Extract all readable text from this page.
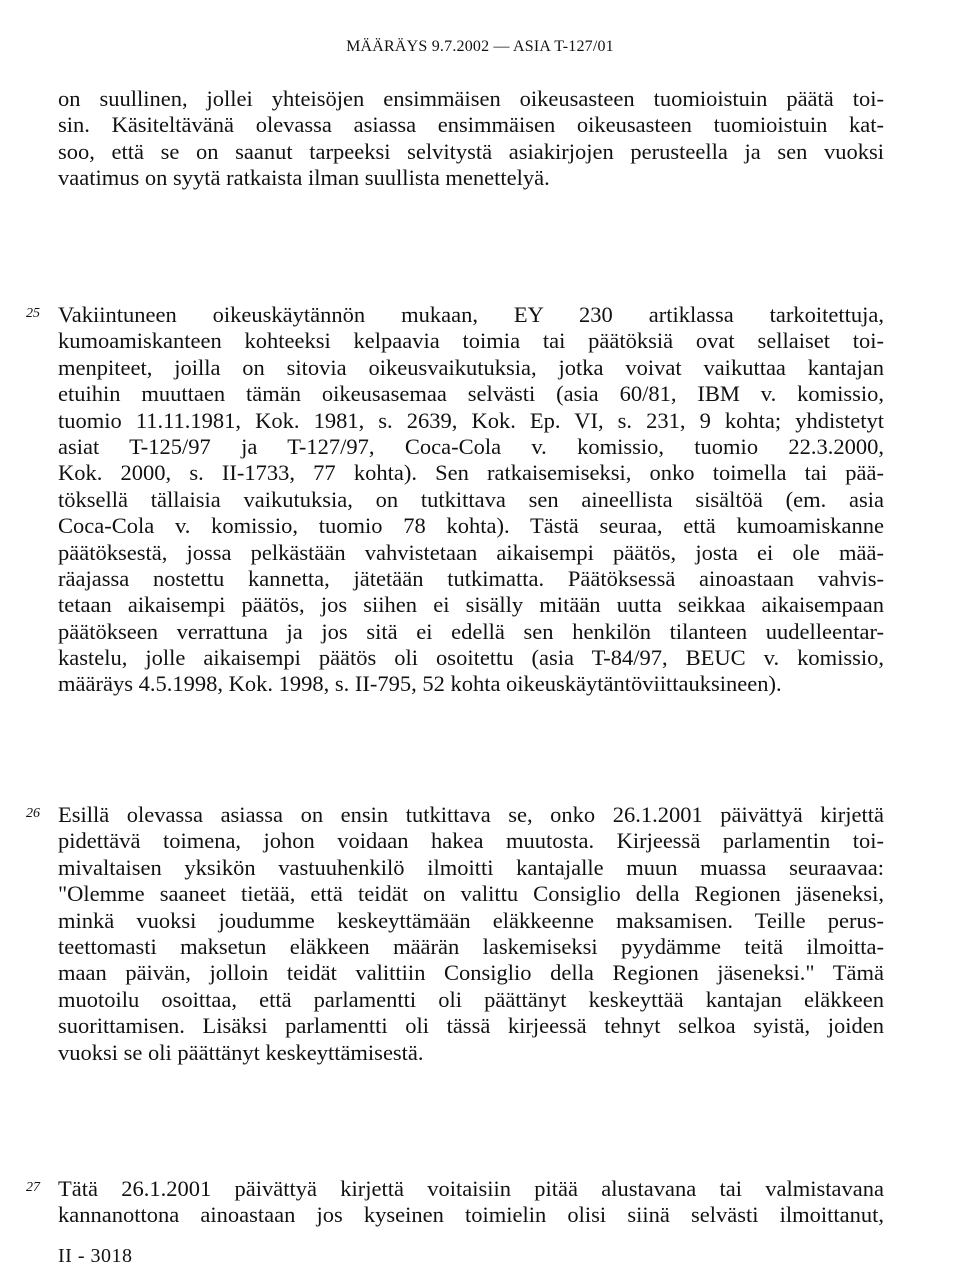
MÄÄRÄYS 9.7.2002 — ASIA T-127/01
on suullinen, jollei yhteisöjen ensimmäisen oikeusasteen tuomioistuin päätä toi-
sin. Käsiteltävänä olevassa asiassa ensimmäisen oikeusasteen tuomioistuin kat-
soo, että se on saanut tarpeeksi selvitystä asiakirjojen perusteella ja sen vuoksi
vaatimus on syytä ratkaista ilman suullista menettelyä.
25 Vakiintuneen oikeuskäytännön mukaan, EY 230 artiklassa tarkoitettuja,
kumoamiskanteen kohteeksi kelpaavia toimia tai päätöksiä ovat sellaiset toi-
menpiteet, joilla on sitovia oikeusvaikutuksia, jotka voivat vaikuttaa kantajan
etuihin muuttaen tämän oikeusasemaa selvästi (asia 60/81, IBM v. komissio,
tuomio 11.11.1981, Kok. 1981, s. 2639, Kok. Ep. VI, s. 231, 9 kohta; yhdistetyt
asiat T-125/97 ja T-127/97, Coca-Cola v. komissio, tuomio 22.3.2000,
Kok. 2000, s. II-1733, 77 kohta). Sen ratkaisemiseksi, onko toimella tai pää-
töksellä tällaisia vaikutuksia, on tutkittava sen aineellista sisältöä (em. asia
Coca-Cola v. komissio, tuomio 78 kohta). Tästä seuraa, että kumoamiskanne
päätöksestä, jossa pelkästään vahvistetaan aikaisempi päätös, josta ei ole mää-
räajassa nostettu kannetta, jätetään tutkimatta. Päätöksessä ainoastaan vahvis-
tetaan aikaisempi päätös, jos siihen ei sisälly mitään uutta seikkaa aikaisempaan
päätökseen verrattuna ja jos sitä ei edellä sen henkilön tilanteen uudelleentar-
kastelu, jolle aikaisempi päätös oli osoitettu (asia T-84/97, BEUC v. komissio,
määräys 4.5.1998, Kok. 1998, s. II-795, 52 kohta oikeuskäytäntöviittauksineen).
26 Esillä olevassa asiassa on ensin tutkittava se, onko 26.1.2001 päivättyä kirjettä
pidettävä toimena, johon voidaan hakea muutosta. Kirjeessä parlamentin toi-
mivaltaisen yksikön vastuuhenkilö ilmoitti kantajalle muun muassa seuraavaa:
"Olemme saaneet tietää, että teidät on valittu Consiglio della Regionen jäseneksi,
minkä vuoksi joudumme keskeyttämään eläkkeenne maksamisen. Teille perus-
teettomasti maksetun eläkkeen määrän laskemiseksi pyydämme teitä ilmoitta-
maan päivän, jolloin teidät valittiin Consiglio della Regionen jäseneksi." Tämä
muotoilu osoittaa, että parlamentti oli päättänyt keskeyttää kantajan eläkkeen
suorittamisen. Lisäksi parlamentti oli tässä kirjeessä tehnyt selkoa syistä, joiden
vuoksi se oli päättänyt keskeyttämisestä.
27 Tätä 26.1.2001 päivättyä kirjettä voitaisiin pitää alustavana tai valmistavana
kannanottona ainoastaan jos kyseinen toimielin olisi siinä selvästi ilmoittanut,
II - 3018
